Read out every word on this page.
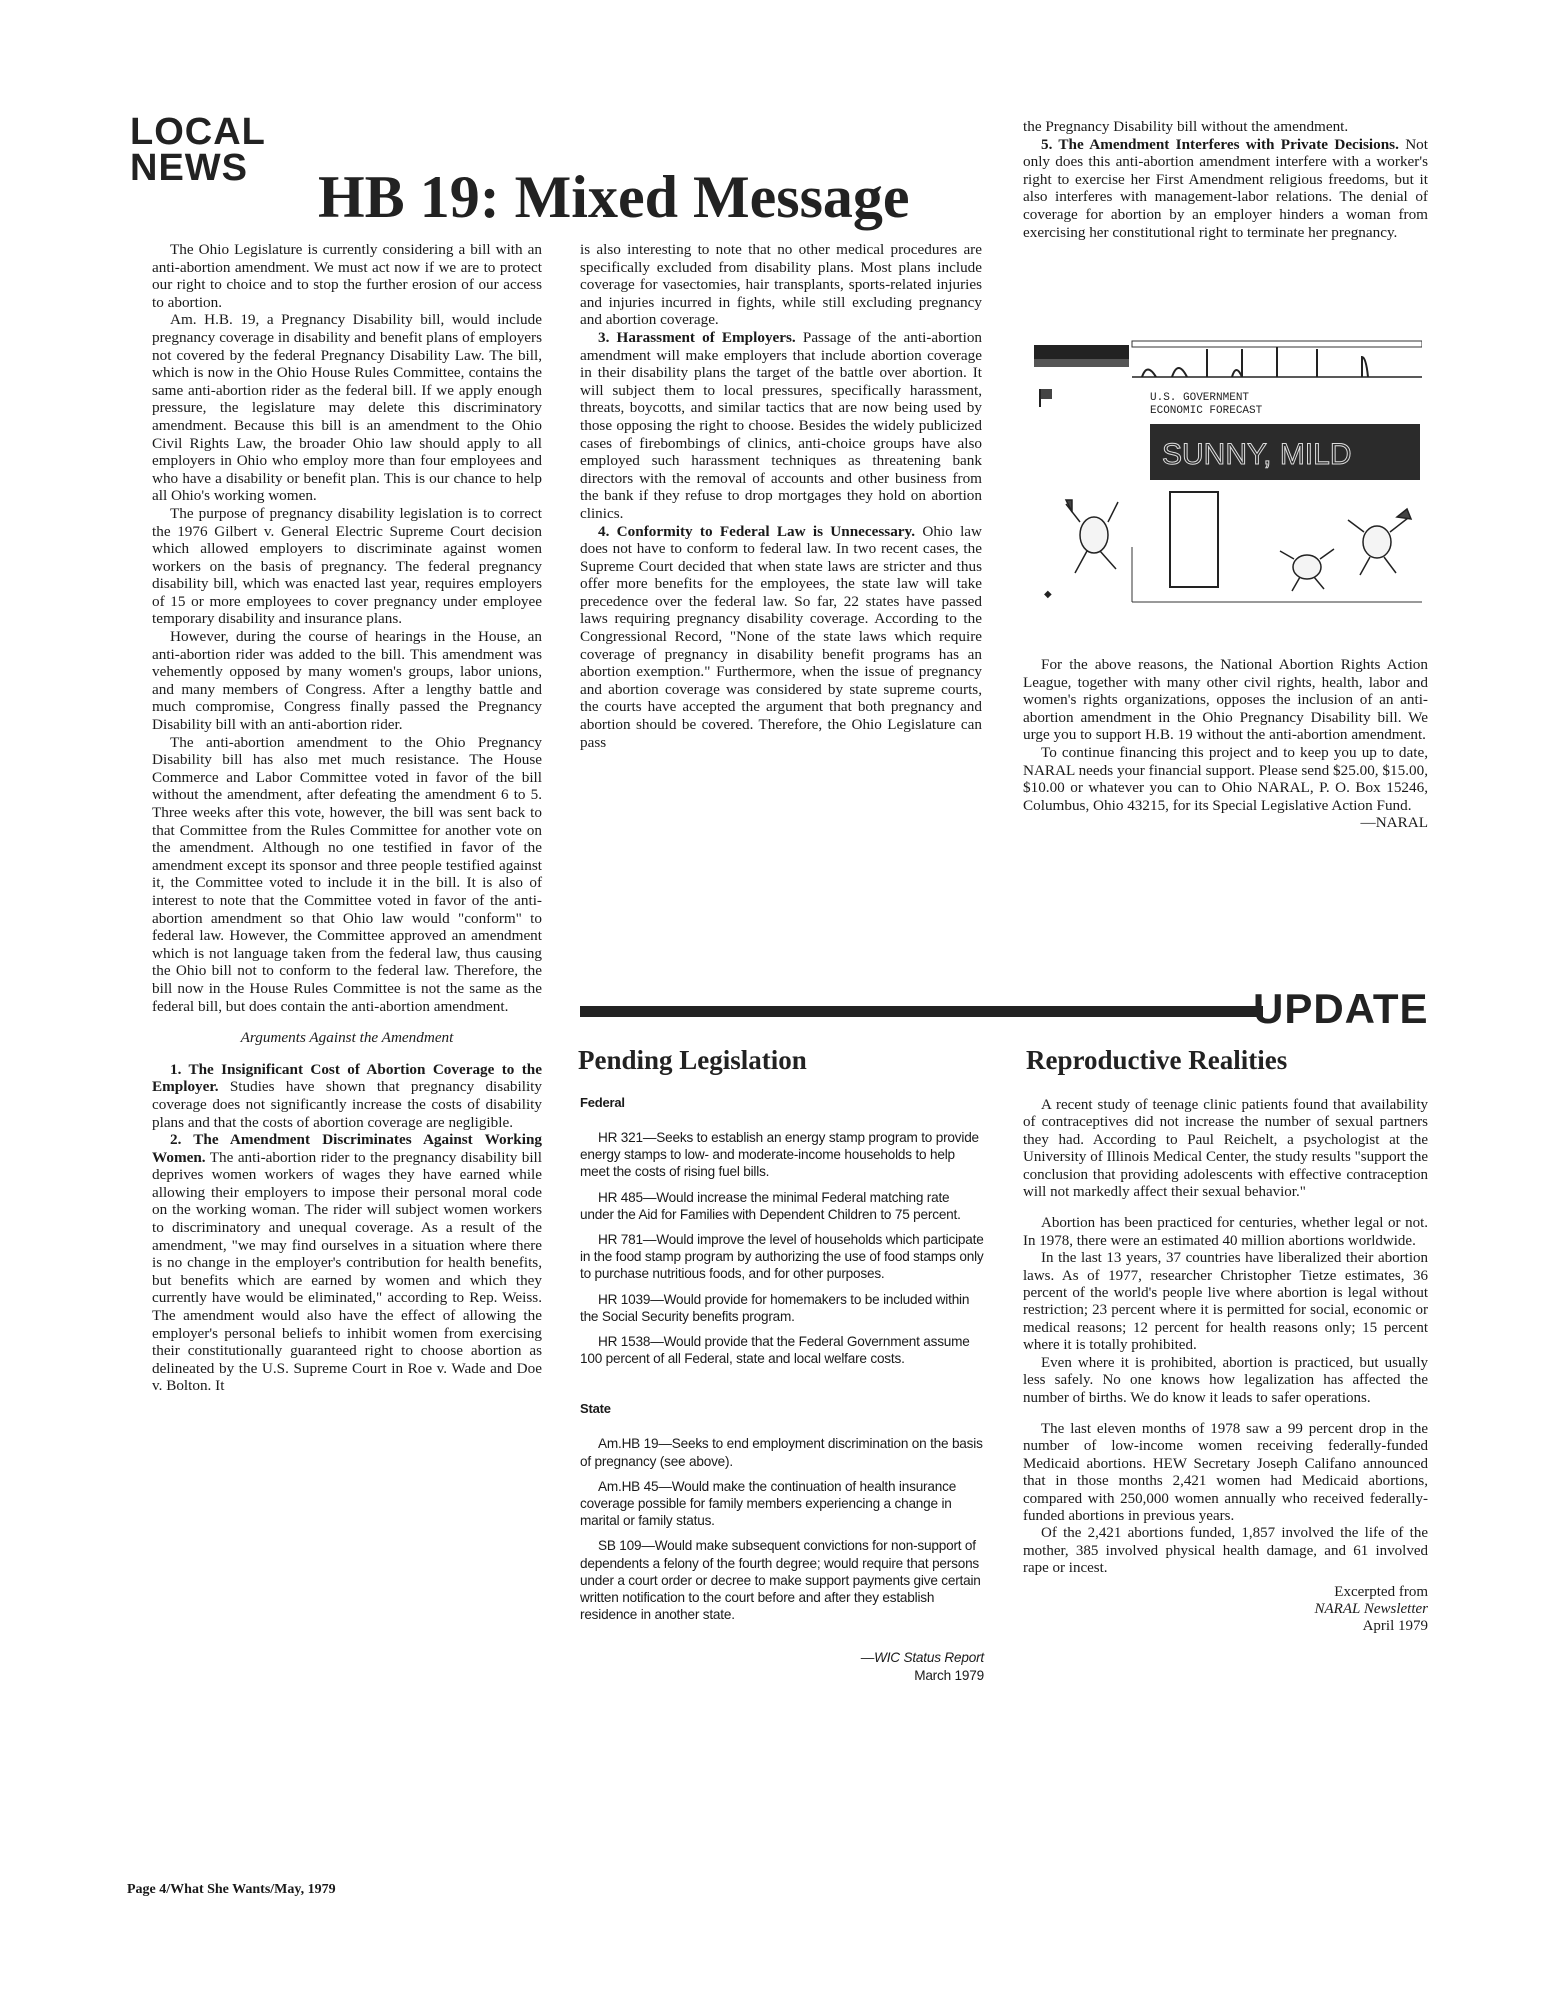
LOCAL
NEWS HB 19: Mixed Message

The Ohio Legislature is currently considering a bill with an anti-abortion amendment. We must act now if we are to protect our right to choice and to stop the further erosion of our access to abortion.

Am. H.B. 19, a Pregnancy Disability bill, would include pregnancy coverage in disability and benefit plans of employers not covered by the federal Pregnancy Disability Law. The bill, which is now in the Ohio House Rules Committee, contains the same anti-abortion rider as the federal bill. If we apply enough pressure, the legislature may delete this discriminatory amendment. Because this bill is an amendment to the Ohio Civil Rights Law, the broader Ohio law should apply to all employers in Ohio who employ more than four employees and who have a disability or benefit plan. This is our chance to help all Ohio's working women.

The purpose of pregnancy disability legislation is to correct the 1976 Gilbert v. General Electric Supreme Court decision which allowed employers to discriminate against women workers on the basis of pregnancy. The federal pregnancy disability bill, which was enacted last year, requires employers of 15 or more employees to cover pregnancy under employee temporary disability and insurance plans.

However, during the course of hearings in the House, an anti-abortion rider was added to the bill. This amendment was vehemently opposed by many women's groups, labor unions, and many members of Congress. After a lengthy battle and much compromise, Congress finally passed the Pregnancy Disability bill with an anti-abortion rider.

The anti-abortion amendment to the Ohio Pregnancy Disability bill has also met much resistance. The House Commerce and Labor Committee voted in favor of the bill without the amendment, after defeating the amendment 6 to 5. Three weeks after this vote, however, the bill was sent back to that Committee from the Rules Committee for another vote on the amendment. Although no one testified in favor of the amendment except its sponsor and three people testified against it, the Committee voted to include it in the bill. It is also of interest to note that the Committee voted in favor of the anti-abortion amendment so that Ohio law would "conform" to federal law. However, the Committee approved an amendment which is not language taken from the federal law, thus causing the Ohio bill not to conform to the federal law. Therefore, the bill now in the House Rules Committee is not the same as the federal bill, but does contain the anti-abortion amendment.

Arguments Against the Amendment

1. The Insignificant Cost of Abortion Coverage to the Employer. Studies have shown that pregnancy disability coverage does not significantly increase the costs of disability plans and that the costs of abortion coverage are negligible.

2. The Amendment Discriminates Against Working Women. The anti-abortion rider to the pregnancy disability bill deprives women workers of wages they have earned while allowing their employers to impose their personal moral code on the working woman. The rider will subject women workers to discriminatory and unequal coverage. As a result of the amendment, "we may find ourselves in a situation where there is no change in the employer's contribution for health benefits, but benefits which are earned by women and which they currently have would be eliminated," according to Rep. Weiss. The amendment would also have the effect of allowing the employer's personal beliefs to inhibit women from exercising their constitutionally guaranteed right to choose abortion as delineated by the U.S. Supreme Court in Roe v. Wade and Doe v. Bolton. It

is also interesting to note that no other medical procedures are specifically excluded from disability plans. Most plans include coverage for vasectomies, hair transplants, sports-related injuries and injuries incurred in fights, while still excluding pregnancy and abortion coverage.

3. Harassment of Employers. Passage of the anti-abortion amendment will make employers that include abortion coverage in their disability plans the target of the battle over abortion. It will subject them to local pressures, specifically harassment, threats, boycotts, and similar tactics that are now being used by those opposing the right to choose. Besides the widely publicized cases of firebombings of clinics, anti-choice groups have also employed such harassment techniques as threatening bank directors with the removal of accounts and other business from the bank if they refuse to drop mortgages they hold on abortion clinics.

4. Conformity to Federal Law is Unnecessary. Ohio law does not have to conform to federal law. In two recent cases, the Supreme Court decided that when state laws are stricter and thus offer more benefits for the employees, the state law will take precedence over the federal law. So far, 22 states have passed laws requiring pregnancy disability coverage. According to the Congressional Record, "None of the state laws which require coverage of pregnancy in disability benefit programs has an abortion exemption." Furthermore, when the issue of pregnancy and abortion coverage was considered by state supreme courts, the courts have accepted the argument that both pregnancy and abortion should be covered. Therefore, the Ohio Legislature can pass

the Pregnancy Disability bill without the amendment.

5. The Amendment Interferes with Private Decisions. Not only does this anti-abortion amendment interfere with a worker's right to exercise her First Amendment religious freedoms, but it also interferes with management-labor relations. The denial of coverage for abortion by an employer hinders a woman from exercising her constitutional right to terminate her pregnancy.

U.S. GOVERNMENT
ECONOMIC FORECAST
SUNNY, MILD
◆

For the above reasons, the National Abortion Rights Action League, together with many other civil rights, health, labor and women's rights organizations, opposes the inclusion of an anti-abortion amendment in the Ohio Pregnancy Disability bill. We urge you to support H.B. 19 without the anti-abortion amendment.

To continue financing this project and to keep you up to date, NARAL needs your financial support. Please send $25.00, $15.00, $10.00 or whatever you can to Ohio NARAL, P. O. Box 15246, Columbus, Ohio 43215, for its Special Legislative Action Fund.

—NARAL

UPDATE
Pending Legislation
Federal

HR 321—Seeks to establish an energy stamp program to provide energy stamps to low- and moderate-income households to help meet the costs of rising fuel bills.

HR 485—Would increase the minimal Federal matching rate under the Aid for Families with Dependent Children to 75 percent.

HR 781—Would improve the level of households which participate in the food stamp program by authorizing the use of food stamps only to purchase nutritious foods, and for other purposes.

HR 1039—Would provide for homemakers to be included within the Social Security benefits program.

HR 1538—Would provide that the Federal Government assume 100 percent of all Federal, state and local welfare costs.

State

Am.HB 19—Seeks to end employment discrimination on the basis of pregnancy (see above).

Am.HB 45—Would make the continuation of health insurance coverage possible for family members experiencing a change in marital or family status.

SB 109—Would make subsequent convictions for non-support of dependents a felony of the fourth degree; would require that persons under a court order or decree to make support payments give certain written notification to the court before and after they establish residence in another state.

—WIC Status Report
March 1979
Reproductive Realities

A recent study of teenage clinic patients found that availability of contraceptives did not increase the number of sexual partners they had. According to Paul Reichelt, a psychologist at the University of Illinois Medical Center, the study results "support the conclusion that providing adolescents with effective contraception will not markedly affect their sexual behavior."

Abortion has been practiced for centuries, whether legal or not. In 1978, there were an estimated 40 million abortions worldwide.

In the last 13 years, 37 countries have liberalized their abortion laws. As of 1977, researcher Christopher Tietze estimates, 36 percent of the world's people live where abortion is legal without restriction; 23 percent where it is permitted for social, economic or medical reasons; 12 percent for health reasons only; 15 percent where it is totally prohibited.

Even where it is prohibited, abortion is practiced, but usually less safely. No one knows how legalization has affected the number of births. We do know it leads to safer operations.

The last eleven months of 1978 saw a 99 percent drop in the number of low-income women receiving federally-funded Medicaid abortions. HEW Secretary Joseph Califano announced that in those months 2,421 women had Medicaid abortions, compared with 250,000 women annually who received federally-funded abortions in previous years.

Of the 2,421 abortions funded, 1,857 involved the life of the mother, 385 involved physical health damage, and 61 involved rape or incest.

Excerpted from
NARAL Newsletter
April 1979
Page 4/What She Wants/May, 1979
